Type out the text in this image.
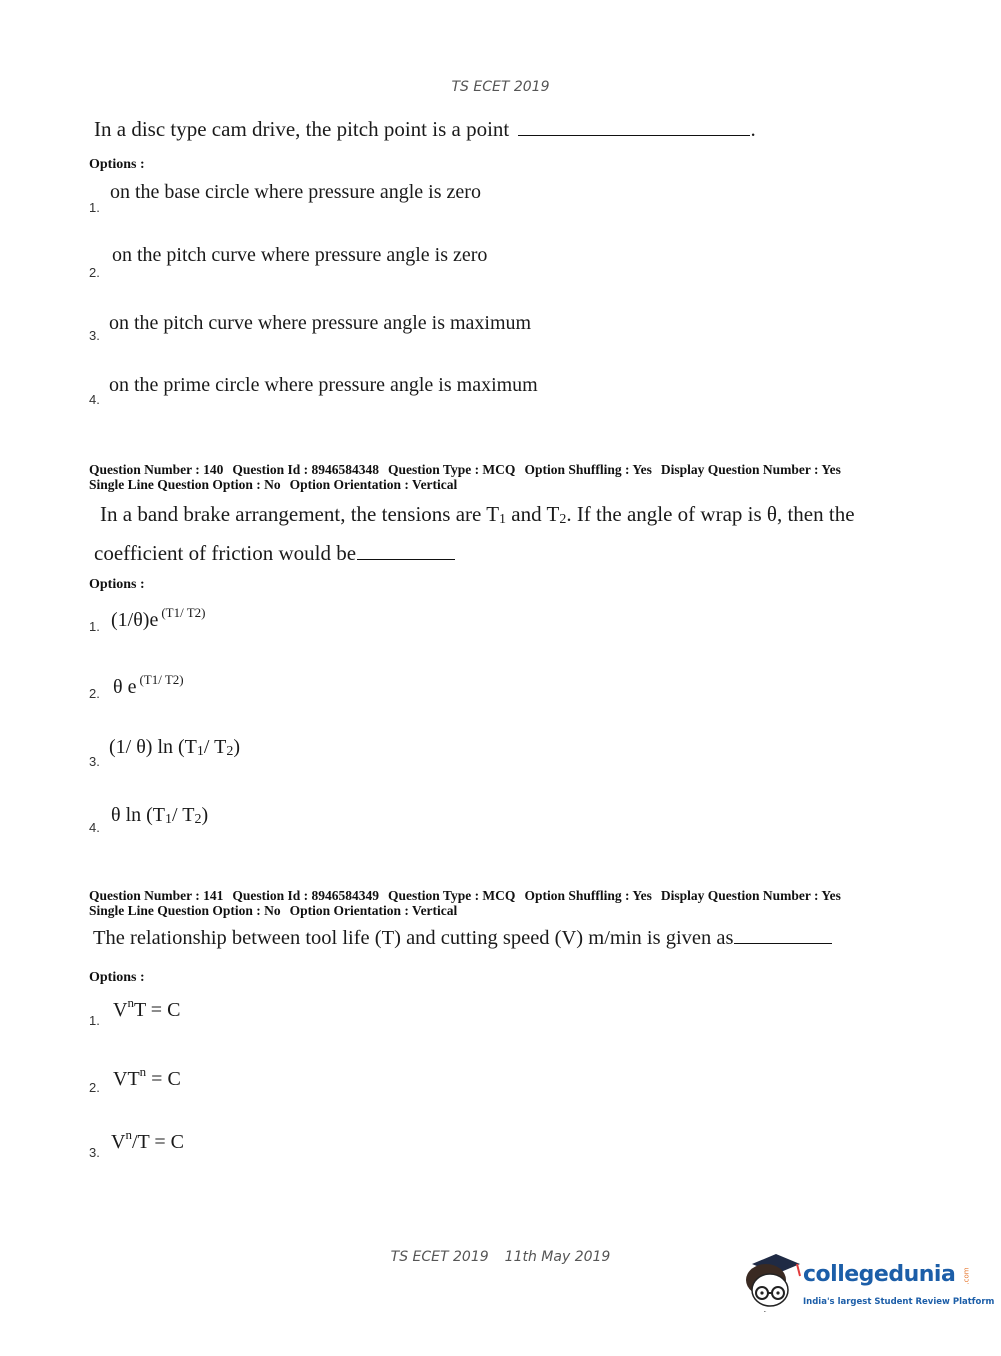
TS ECET 2019
In a disc type cam drive, the pitch point is a point	.
Options :
1.
on the base circle where pressure angle is zero
2.
on the pitch curve where pressure angle is zero
3.
on the pitch curve where pressure angle is maximum
4.
on the prime circle where pressure angle is maximum
Question Number : 140 Question Id : 8946584348 Question Type : MCQ Option Shuffling : Yes Display Question Number : Yes
Single Line Question Option : No Option Orientation : Vertical
In a band brake arrangement, the tensions are T1 and T2. If the angle of wrap is θ, then the
coefficient of friction would be
Options :
1. (1/θ)e $^{(T1/ T2)}$
2. θ e $^{(T1/ T2)}$
3.
(1/ θ) ln (T1/ T2)
4.
θ ln (T1/ T2)
Question Number : 141 Question Id : 8946584349 Question Type : MCQ Option Shuffling : Yes Display Question Number : Yes
Single Line Question Option : No Option Orientation : Vertical
The relationship between tool life (T) and cutting speed (V) m/min is given as
Options :
1. $V^nT = C$
2. $VT^n = C$
3. $V^n/T = C$
TS ECET 2019 11th May 2019
collegedunia .com
India's largest Student Review Platform
